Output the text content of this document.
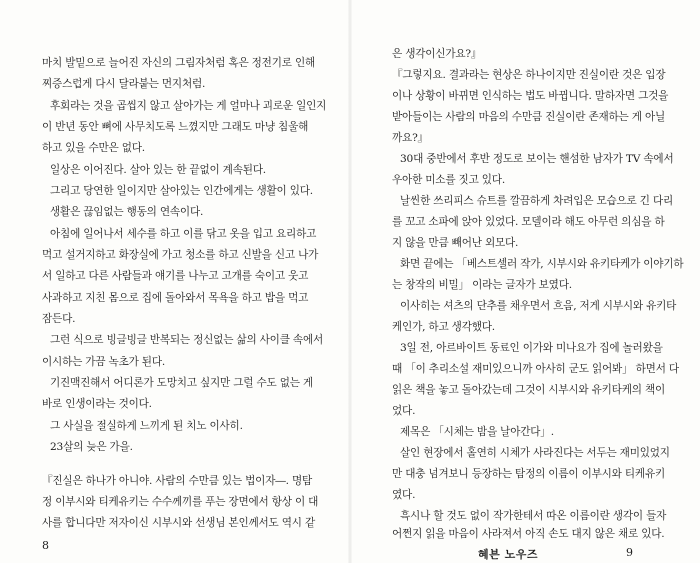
마치 발밑으로 늘어진 자신의 그림자처럼 혹은 정전기로 인해
찌증스럽게 다시 달라붙는 먼지처럼.
후회라는 것을 곱씹지 않고 살아가는 게 얼마나 괴로운 일인지
이 반년 동안 뼈에 사무치도록 느꼈지만 그래도 마냥 침울해
하고 있을 수만은 없다.
일상은 이어진다. 살아 있는 한 끝없이 계속된다.
그리고 당연한 일이지만 살아있는 인간에게는 생활이 있다.
생활은 끊임없는 행동의 연속이다.
아침에 일어나서 세수를 하고 이를 닦고 옷을 입고 요리하고
먹고 설거지하고 화장실에 가고 청소를 하고 신발을 신고 나가
서 일하고 다른 사람들과 얘기를 나누고 고개를 숙이고 웃고
사과하고 지친 몸으로 집에 돌아와서 목욕을 하고 밥을 먹고
잠든다.
그런 식으로 빙글빙글 반복되는 정신없는 삶의 사이클 속에서
이시하는 가끔 녹초가 된다.
기진맥진해서 어디론가 도망치고 싶지만 그럴 수도 없는 게
바로 인생이라는 것이다.
그 사실을 절실하게 느끼게 된 치노 이사히.
23살의 늦은 가을.
『진실은 하나가 아니야. 사람의 수만큼 있는 법이자―. 명탐
정 이부시와 티케유키는 수수께끼를 푸는 장면에서 항상 이 대
사를 합니다만 저자이신 시부시와 선생님 본인께서도 역시 같
8
은 생각이신가요?』
『그렇지요. 결과라는 현상은 하나이지만 진실이란 것은 입장
이나 상황이 바뀌면 인식하는 법도 바뀝니다. 말하자면 그것을
받아들이는 사람의 마음의 수만큼 진실이란 존재하는 게 아닐
까요?』
30대 중반에서 후반 정도로 보이는 핸섬한 남자가 TV 속에서
우아한 미소를 짓고 있다.
날씬한 쓰리피스 슈트를 깔끔하게 차려입은 모습으로 긴 다리
를 꼬고 소파에 앉아 있었다. 모델이라 해도 아무런 의심을 하
지 않을 만큼 빼어난 외모다.
화면 끝에는 「베스트셀러 작가, 시부시와 유키타케가 이야기하
는 창작의 비밀」 이라는 글자가 보였다.
이사히는 셔츠의 단추를 채우면서 흐음, 저게 시부시와 유키타
케인가, 하고 생각했다.
3일 전, 아르바이트 동료인 이가와 미나요가 집에 놀러왔을
때 「이 추리소설 재미있으니까 아사히 군도 읽어봐」 하면서 다
읽은 책을 놓고 돌아갔는데 그것이 시부시와 유키타케의 책이
었다.
제목은 「시체는 밤을 날아간다」.
살인 현장에서 홀연히 시체가 사라진다는 서두는 재미있었지
만 대충 넘겨보니 등장하는 탐정의 이름이 이부시와 티케유키
였다.
흑시나 할 것도 없이 작가한테서 따온 이름이란 생각이 들자
어쩐지 읽을 마음이 사라져서 아직 손도 대지 않은 채로 있다.
혜븐 노우즈	9
